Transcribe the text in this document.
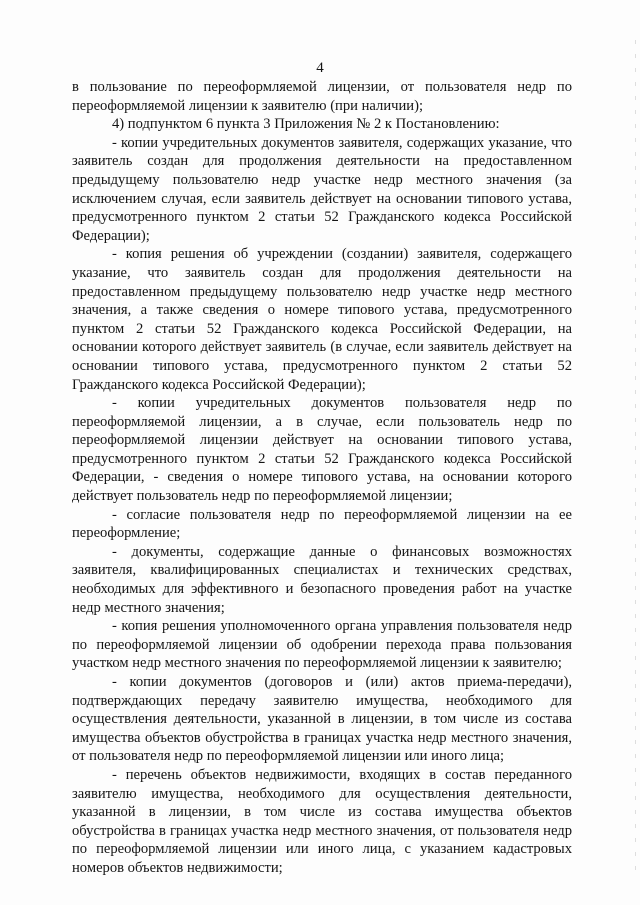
4

в пользование по переоформляемой лицензии, от пользователя недр по переоформляемой лицензии к заявителю (при наличии);

4) подпунктом 6 пункта 3 Приложения № 2 к Постановлению:

- копии учредительных документов заявителя, содержащих указание, что заявитель создан для продолжения деятельности на предоставленном предыдущему пользователю недр участке недр местного значения (за исключением случая, если заявитель действует на основании типового устава, предусмотренного пунктом 2 статьи 52 Гражданского кодекса Российской Федерации);

- копия решения об учреждении (создании) заявителя, содержащего указание, что заявитель создан для продолжения деятельности на предоставленном предыдущему пользователю недр участке недр местного значения, а также сведения о номере типового устава, предусмотренного пунктом 2 статьи 52 Гражданского кодекса Российской Федерации, на основании которого действует заявитель (в случае, если заявитель действует на основании типового устава, предусмотренного пунктом 2 статьи 52 Гражданского кодекса Российской Федерации);

- копии учредительных документов пользователя недр по переоформляемой лицензии, а в случае, если пользователь недр по переоформляемой лицензии действует на основании типового устава, предусмотренного пунктом 2 статьи 52 Гражданского кодекса Российской Федерации, - сведения о номере типового устава, на основании которого действует пользователь недр по переоформляемой лицензии;

- согласие пользователя недр по переоформляемой лицензии на ее переоформление;

- документы, содержащие данные о финансовых возможностях заявителя, квалифицированных специалистах и технических средствах, необходимых для эффективного и безопасного проведения работ на участке недр местного значения;

- копия решения уполномоченного органа управления пользователя недр по переоформляемой лицензии об одобрении перехода права пользования участком недр местного значения по переоформляемой лицензии к заявителю;

- копии документов (договоров и (или) актов приема-передачи), подтверждающих передачу заявителю имущества, необходимого для осуществления деятельности, указанной в лицензии, в том числе из состава имущества объектов обустройства в границах участка недр местного значения, от пользователя недр по переоформляемой лицензии или иного лица;

- перечень объектов недвижимости, входящих в состав переданного заявителю имущества, необходимого для осуществления деятельности, указанной в лицензии, в том числе из состава имущества объектов обустройства в границах участка недр местного значения, от пользователя недр по переоформляемой лицензии или иного лица, с указанием кадастровых номеров объектов недвижимости;
